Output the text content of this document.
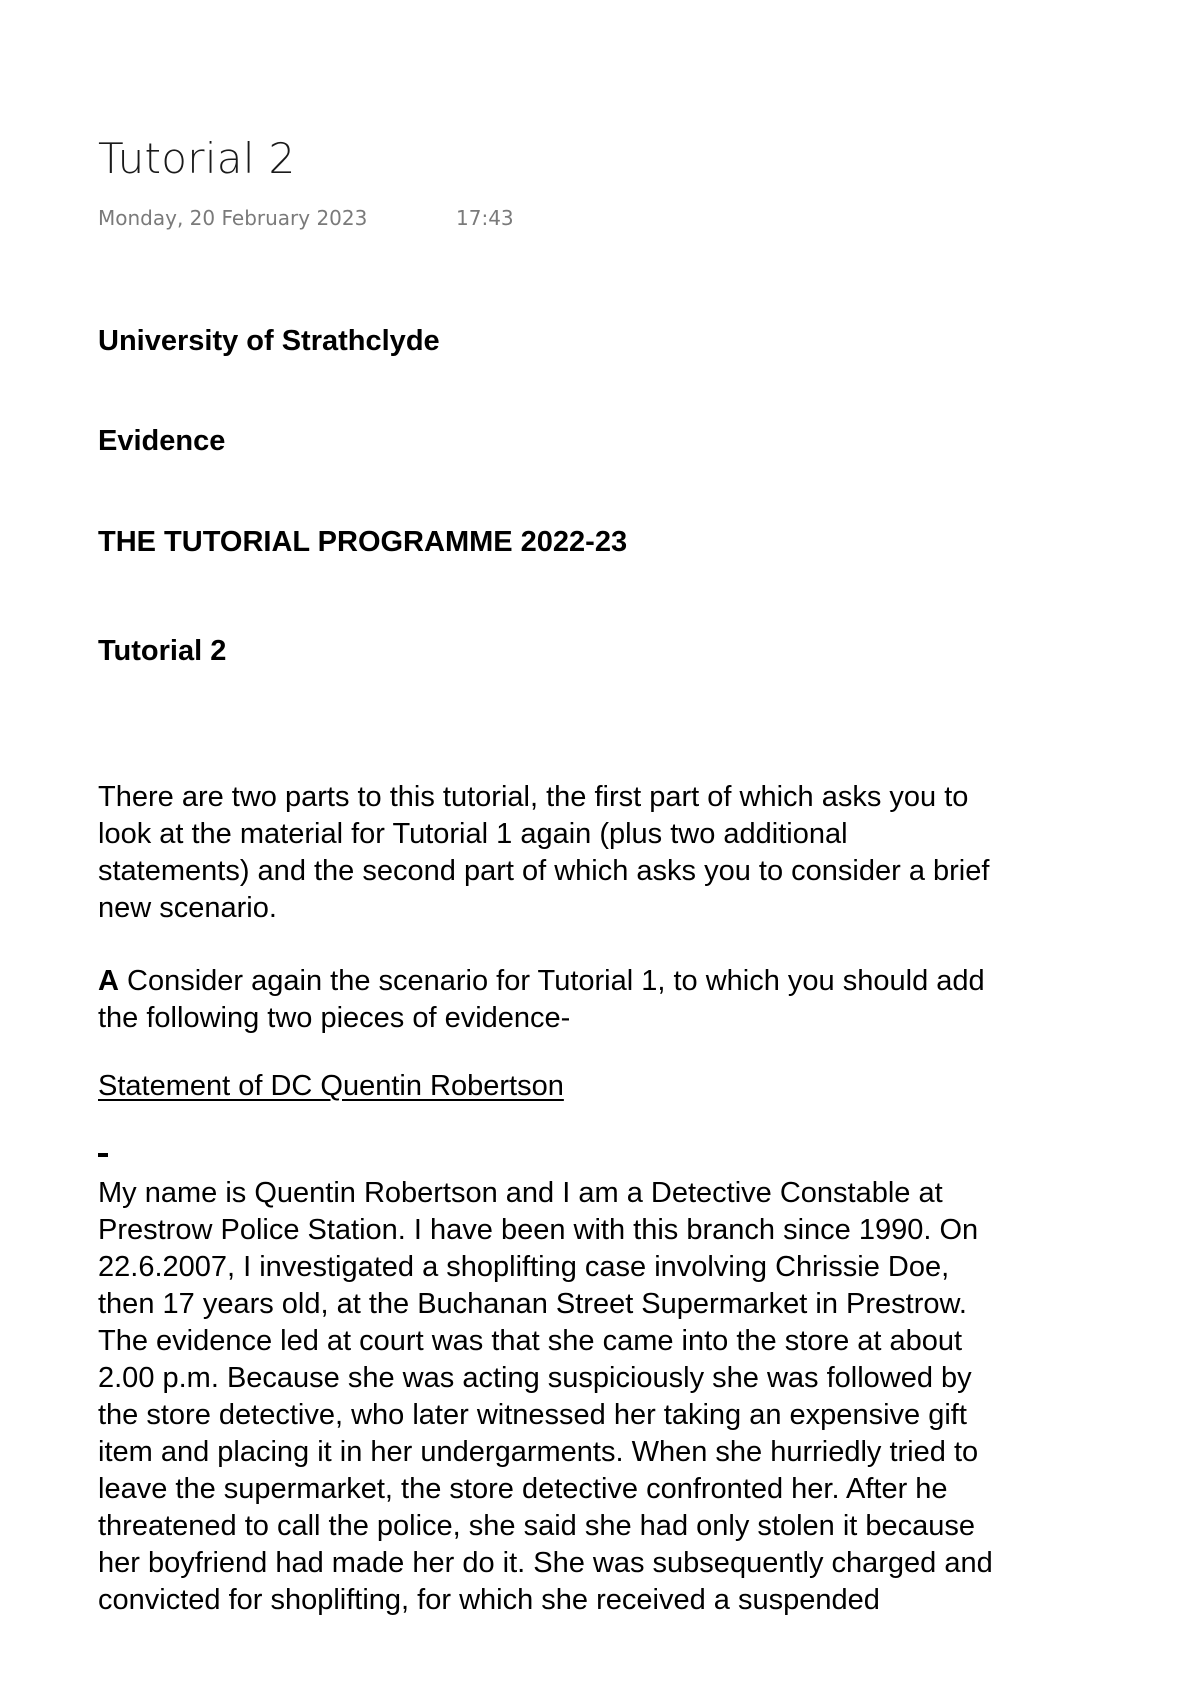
Tutorial 2
Monday, 20 February 2023	17:43
University of Strathclyde
Evidence
THE TUTORIAL PROGRAMME 2022-23
Tutorial 2
There are two parts to this tutorial, the first part of which asks you to
look at the material for Tutorial 1 again (plus two additional
statements) and the second part of which asks you to consider a brief
new scenario.
A Consider again the scenario for Tutorial 1, to which you should add
the following two pieces of evidence-
Statement of DC Quentin Robertson
My name is Quentin Robertson and I am a Detective Constable at
Prestrow Police Station. I have been with this branch since 1990. On
22.6.2007, I investigated a shoplifting case involving Chrissie Doe,
then 17 years old, at the Buchanan Street Supermarket in Prestrow.
The evidence led at court was that she came into the store at about
2.00 p.m. Because she was acting suspiciously she was followed by
the store detective, who later witnessed her taking an expensive gift
item and placing it in her undergarments. When she hurriedly tried to
leave the supermarket, the store detective confronted her. After he
threatened to call the police, she said she had only stolen it because
her boyfriend had made her do it. She was subsequently charged and
convicted for shoplifting, for which she received a suspended
